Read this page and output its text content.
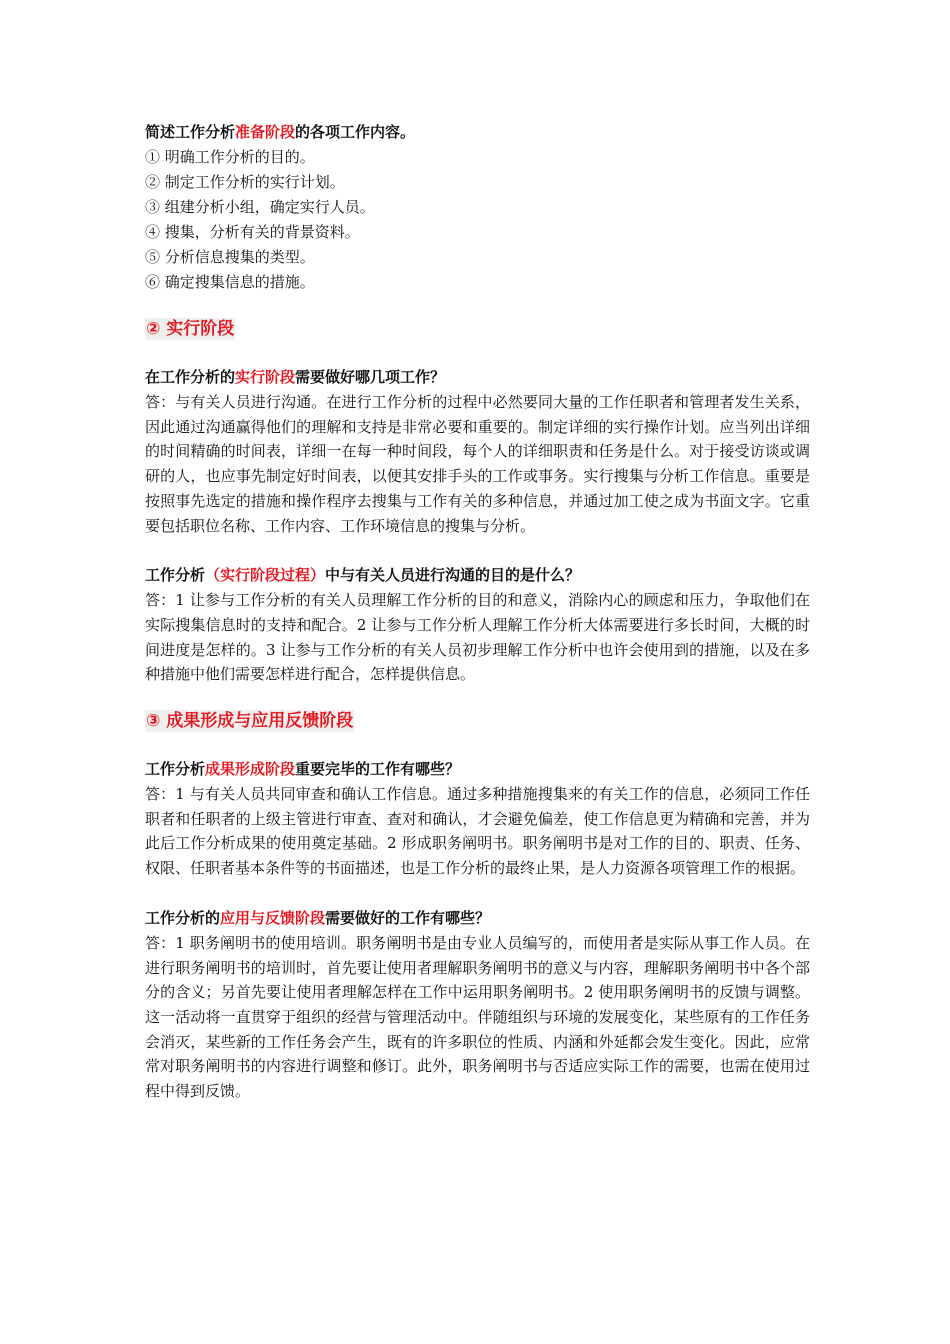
简述工作分析准备阶段的各项工作内容。

① 明确工作分析的目的。

② 制定工作分析的实行计划。

③ 组建分析小组，确定实行人员。

④ 搜集，分析有关的背景资料。

⑤ 分析信息搜集的类型。

⑥ 确定搜集信息的措施。

② 实行阶段

在工作分析的实行阶段需要做好哪几项工作？

答：与有关人员进行沟通。在进行工作分析的过程中必然要同大量的工作任职者和管理者发生关系，因此通过沟通赢得他们的理解和支持是非常必要和重要的。制定详细的实行操作计划。应当列出详细的时间精确的时间表，详细一在每一种时间段，每个人的详细职责和任务是什么。对于接受访谈或调研的人，也应事先制定好时间表，以便其安排手头的工作或事务。实行搜集与分析工作信息。重要是按照事先选定的措施和操作程序去搜集与工作有关的多种信息，并通过加工使之成为书面文字。它重要包括职位名称、工作内容、工作环境信息的搜集与分析。

工作分析（实行阶段过程）中与有关人员进行沟通的目的是什么？

答：1 让参与工作分析的有关人员理解工作分析的目的和意义，消除内心的顾虑和压力，争取他们在实际搜集信息时的支持和配合。2 让参与工作分析人理解工作分析大体需要进行多长时间，大概的时间进度是怎样的。3 让参与工作分析的有关人员初步理解工作分析中也许会使用到的措施，以及在多种措施中他们需要怎样进行配合，怎样提供信息。

③ 成果形成与应用反馈阶段

工作分析成果形成阶段重要完毕的工作有哪些？

答：1 与有关人员共同审查和确认工作信息。通过多种措施搜集来的有关工作的信息，必须同工作任职者和任职者的上级主管进行审查、查对和确认，才会避免偏差，使工作信息更为精确和完善，并为此后工作分析成果的使用奠定基础。2 形成职务阐明书。职务阐明书是对工作的目的、职责、任务、权限、任职者基本条件等的书面描述，也是工作分析的最终止果，是人力资源各项管理工作的根据。

工作分析的应用与反馈阶段需要做好的工作有哪些？

答：1 职务阐明书的使用培训。职务阐明书是由专业人员编写的，而使用者是实际从事工作人员。在进行职务阐明书的培训时，首先要让使用者理解职务阐明书的意义与内容，理解职务阐明书中各个部分的含义；另首先要让使用者理解怎样在工作中运用职务阐明书。2 使用职务阐明书的反馈与调整。这一活动将一直贯穿于组织的经营与管理活动中。伴随组织与环境的发展变化，某些原有的工作任务会消灭，某些新的工作任务会产生，既有的许多职位的性质、内涵和外延都会发生变化。因此，应常常对职务阐明书的内容进行调整和修订。此外，职务阐明书与否适应实际工作的需要，也需在使用过程中得到反馈。
